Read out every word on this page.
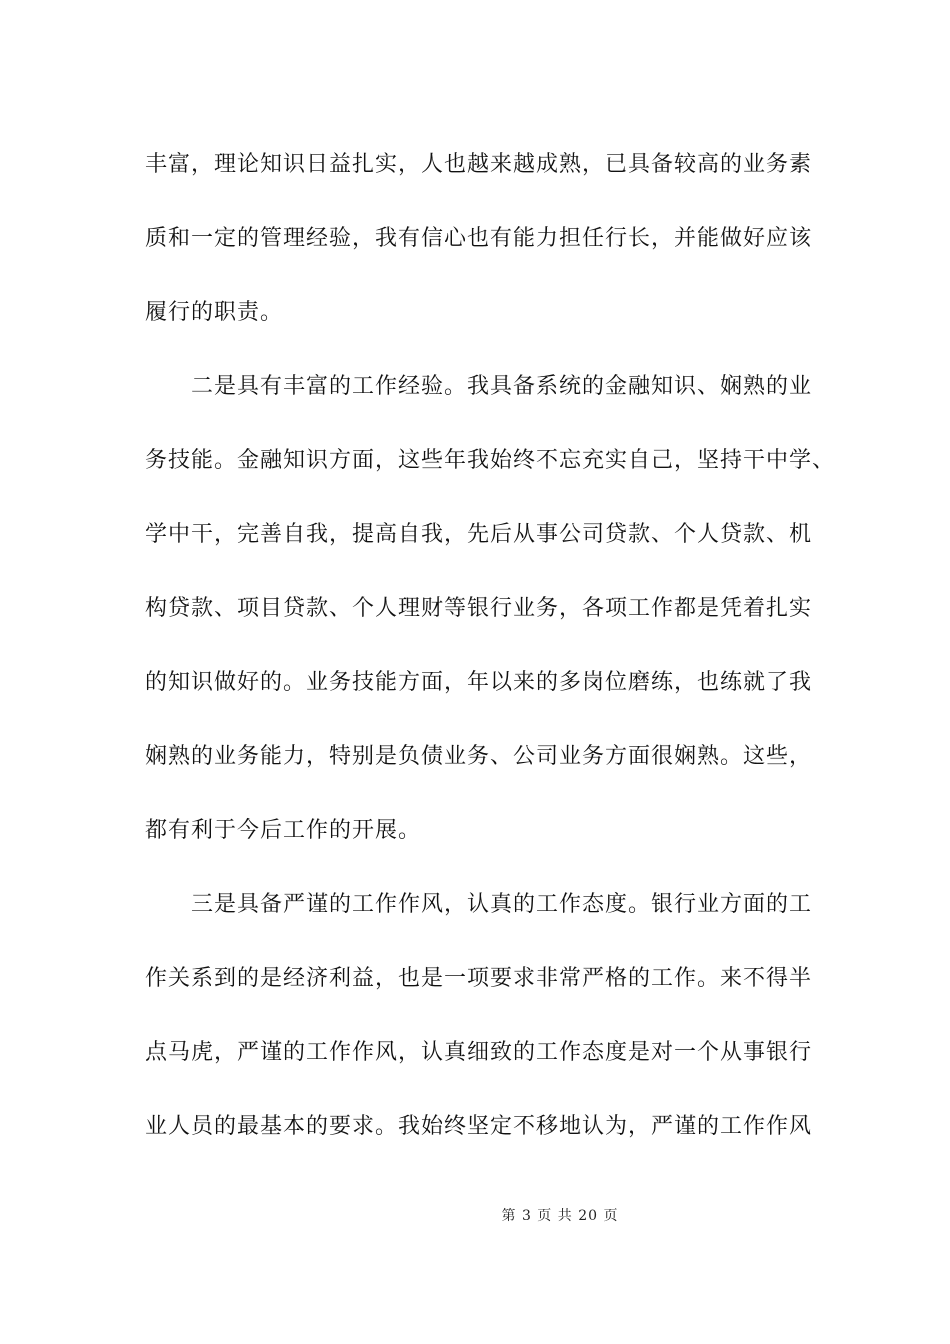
丰富，理论知识日益扎实，人也越来越成熟，已具备较高的业务素
质和一定的管理经验，我有信心也有能力担任行长，并能做好应该
履行的职责。
　　二是具有丰富的工作经验。我具备系统的金融知识、娴熟的业
务技能。金融知识方面，这些年我始终不忘充实自己，坚持干中学、
学中干，完善自我，提高自我，先后从事公司贷款、个人贷款、机
构贷款、项目贷款、个人理财等银行业务，各项工作都是凭着扎实
的知识做好的。业务技能方面，年以来的多岗位磨练，也练就了我
娴熟的业务能力，特别是负债业务、公司业务方面很娴熟。这些，
都有利于今后工作的开展。
　　三是具备严谨的工作作风，认真的工作态度。银行业方面的工
作关系到的是经济利益，也是一项要求非常严格的工作。来不得半
点马虎，严谨的工作作风，认真细致的工作态度是对一个从事银行
业人员的最基本的要求。我始终坚定不移地认为，严谨的工作作风
第 3 页 共 20 页
